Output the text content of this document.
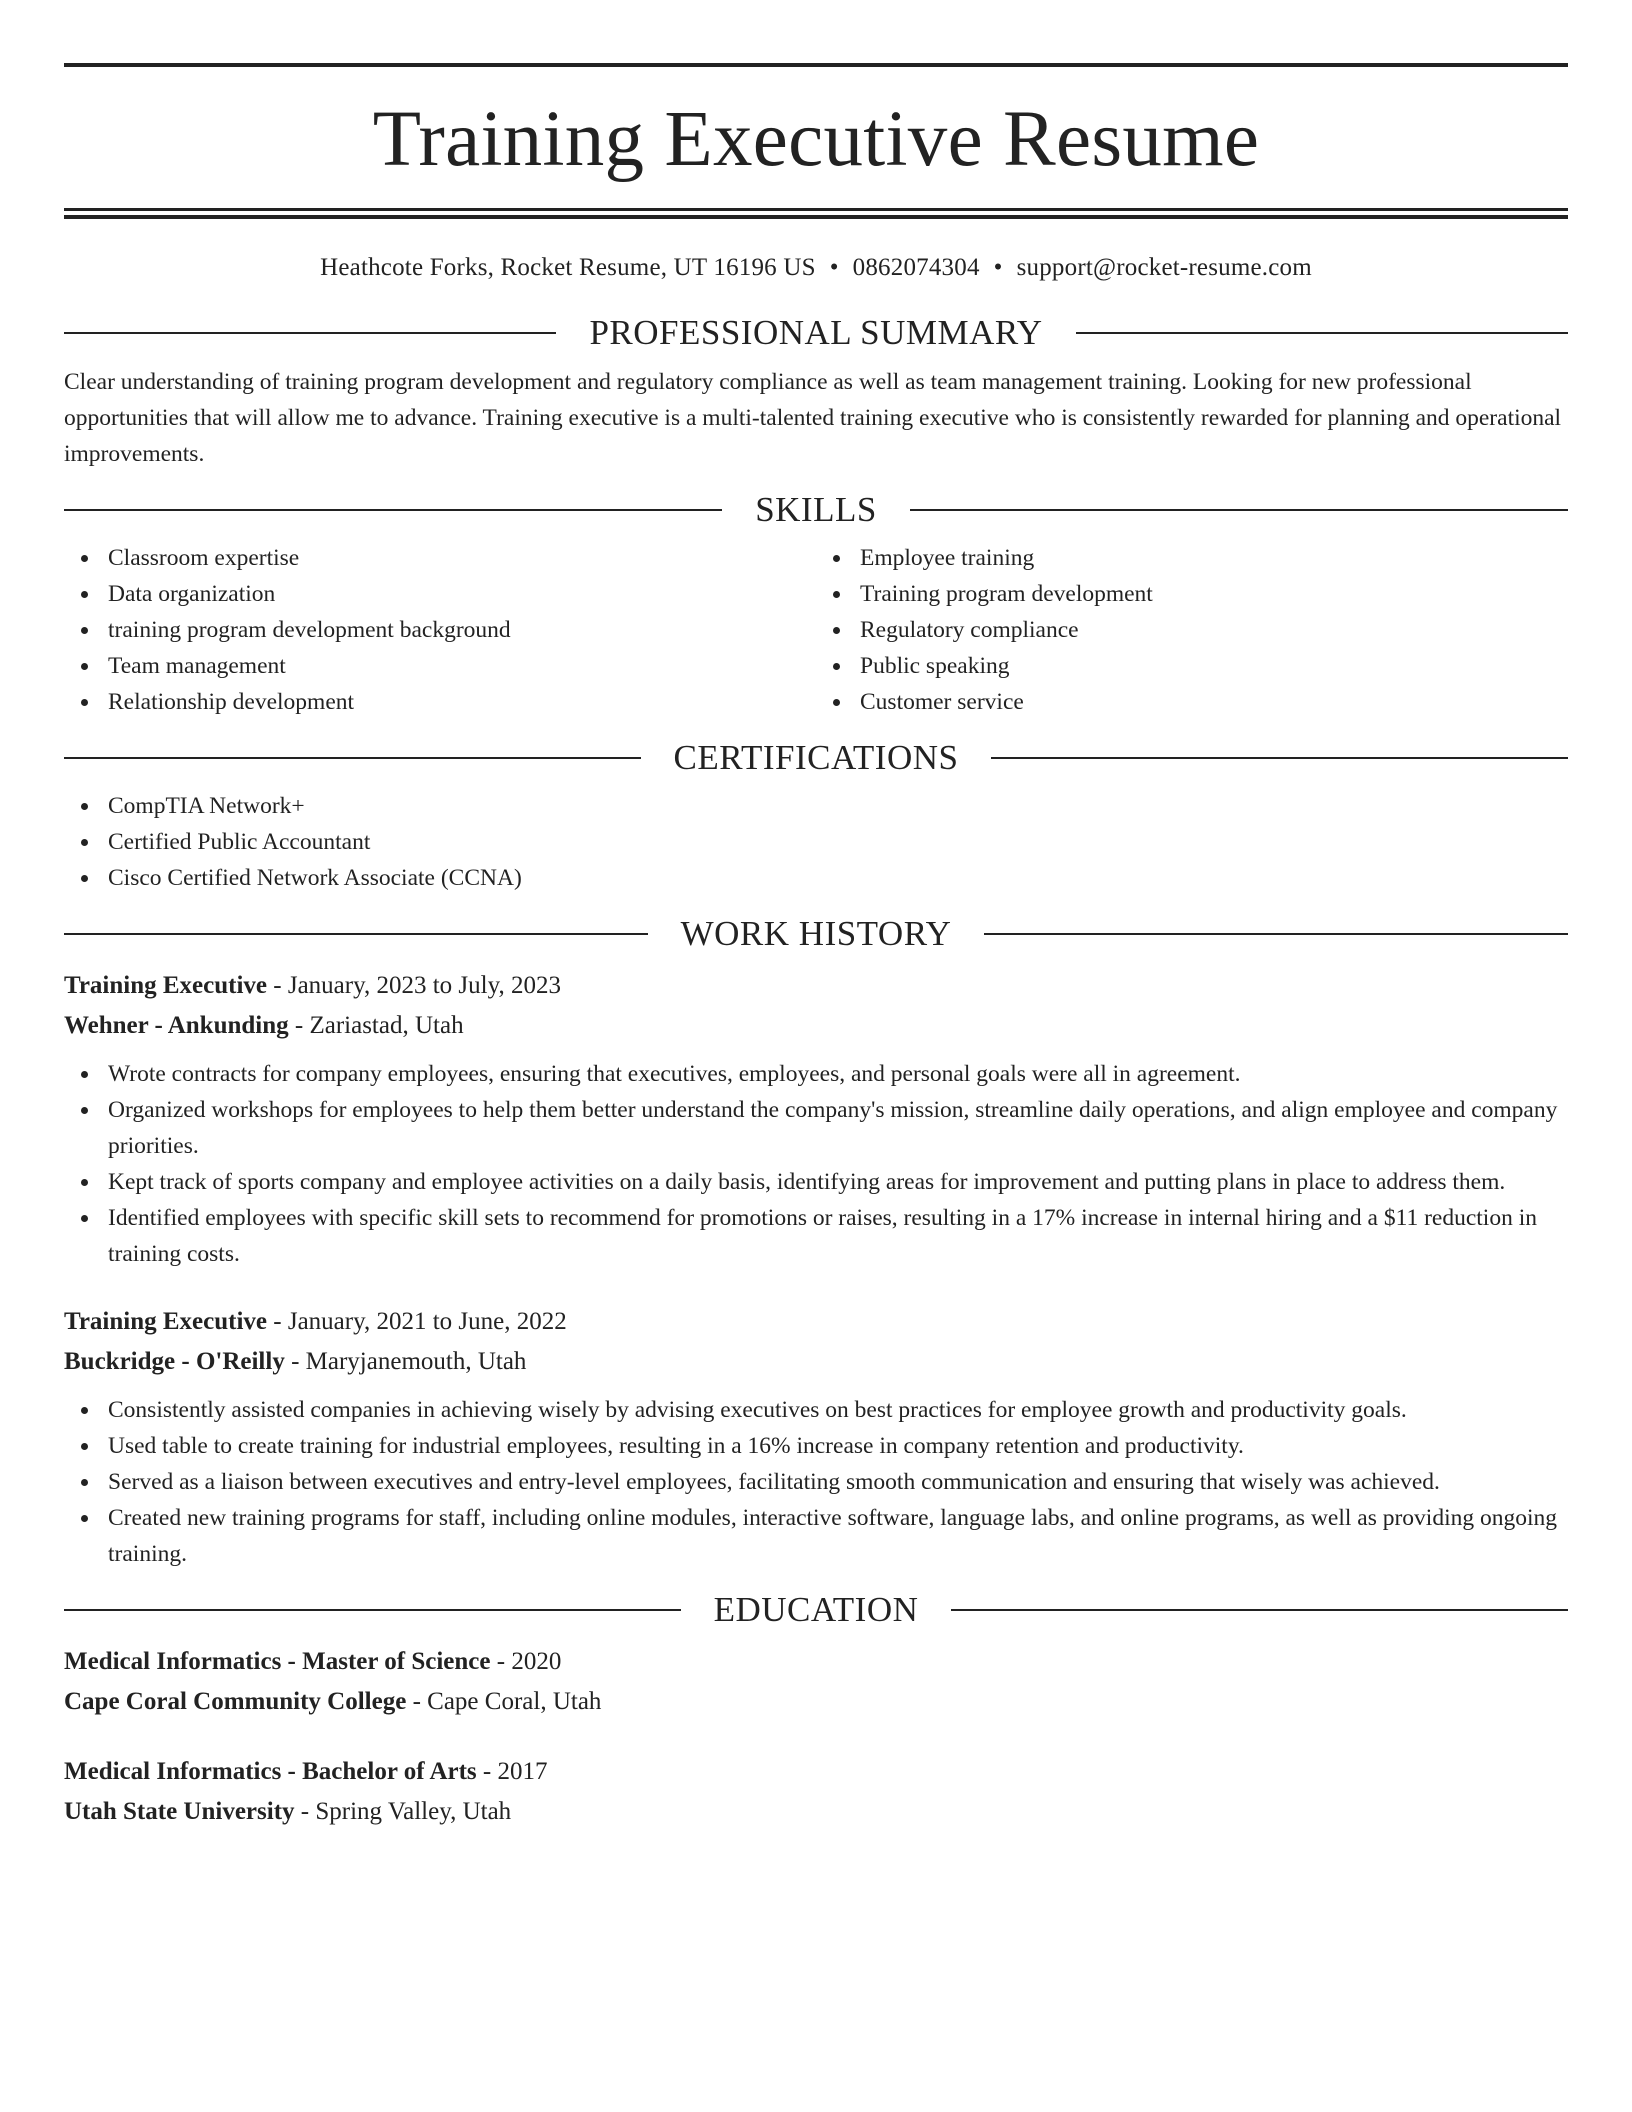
Training Executive Resume
Heathcote Forks, Rocket Resume, UT 16196 US • 0862074304 • support@rocket-resume.com
PROFESSIONAL SUMMARY

Clear understanding of training program development and regulatory compliance as well as team management training. Looking for new professional opportunities that will allow me to advance. Training executive is a multi-talented training executive who is consistently rewarded for planning and operational improvements.

SKILLS
Classroom expertise
Data organization
training program development background
Team management
Relationship development
Employee training
Training program development
Regulatory compliance
Public speaking
Customer service
CERTIFICATIONS
CompTIA Network+
Certified Public Accountant
Cisco Certified Network Associate (CCNA)
WORK HISTORY

Training Executive - January, 2023 to July, 2023

Wehner - Ankunding - Zariastad, Utah

Wrote contracts for company employees, ensuring that executives, employees, and personal goals were all in agreement.
Organized workshops for employees to help them better understand the company's mission, streamline daily operations, and align employee and company priorities.
Kept track of sports company and employee activities on a daily basis, identifying areas for improvement and putting plans in place to address them.
Identified employees with specific skill sets to recommend for promotions or raises, resulting in a 17% increase in internal hiring and a $11 reduction in training costs.

Training Executive - January, 2021 to June, 2022

Buckridge - O'Reilly - Maryjanemouth, Utah

Consistently assisted companies in achieving wisely by advising executives on best practices for employee growth and productivity goals.
Used table to create training for industrial employees, resulting in a 16% increase in company retention and productivity.
Served as a liaison between executives and entry-level employees, facilitating smooth communication and ensuring that wisely was achieved.
Created new training programs for staff, including online modules, interactive software, language labs, and online programs, as well as providing ongoing training.
EDUCATION

Medical Informatics - Master of Science - 2020

Cape Coral Community College - Cape Coral, Utah

Medical Informatics - Bachelor of Arts - 2017

Utah State University - Spring Valley, Utah
